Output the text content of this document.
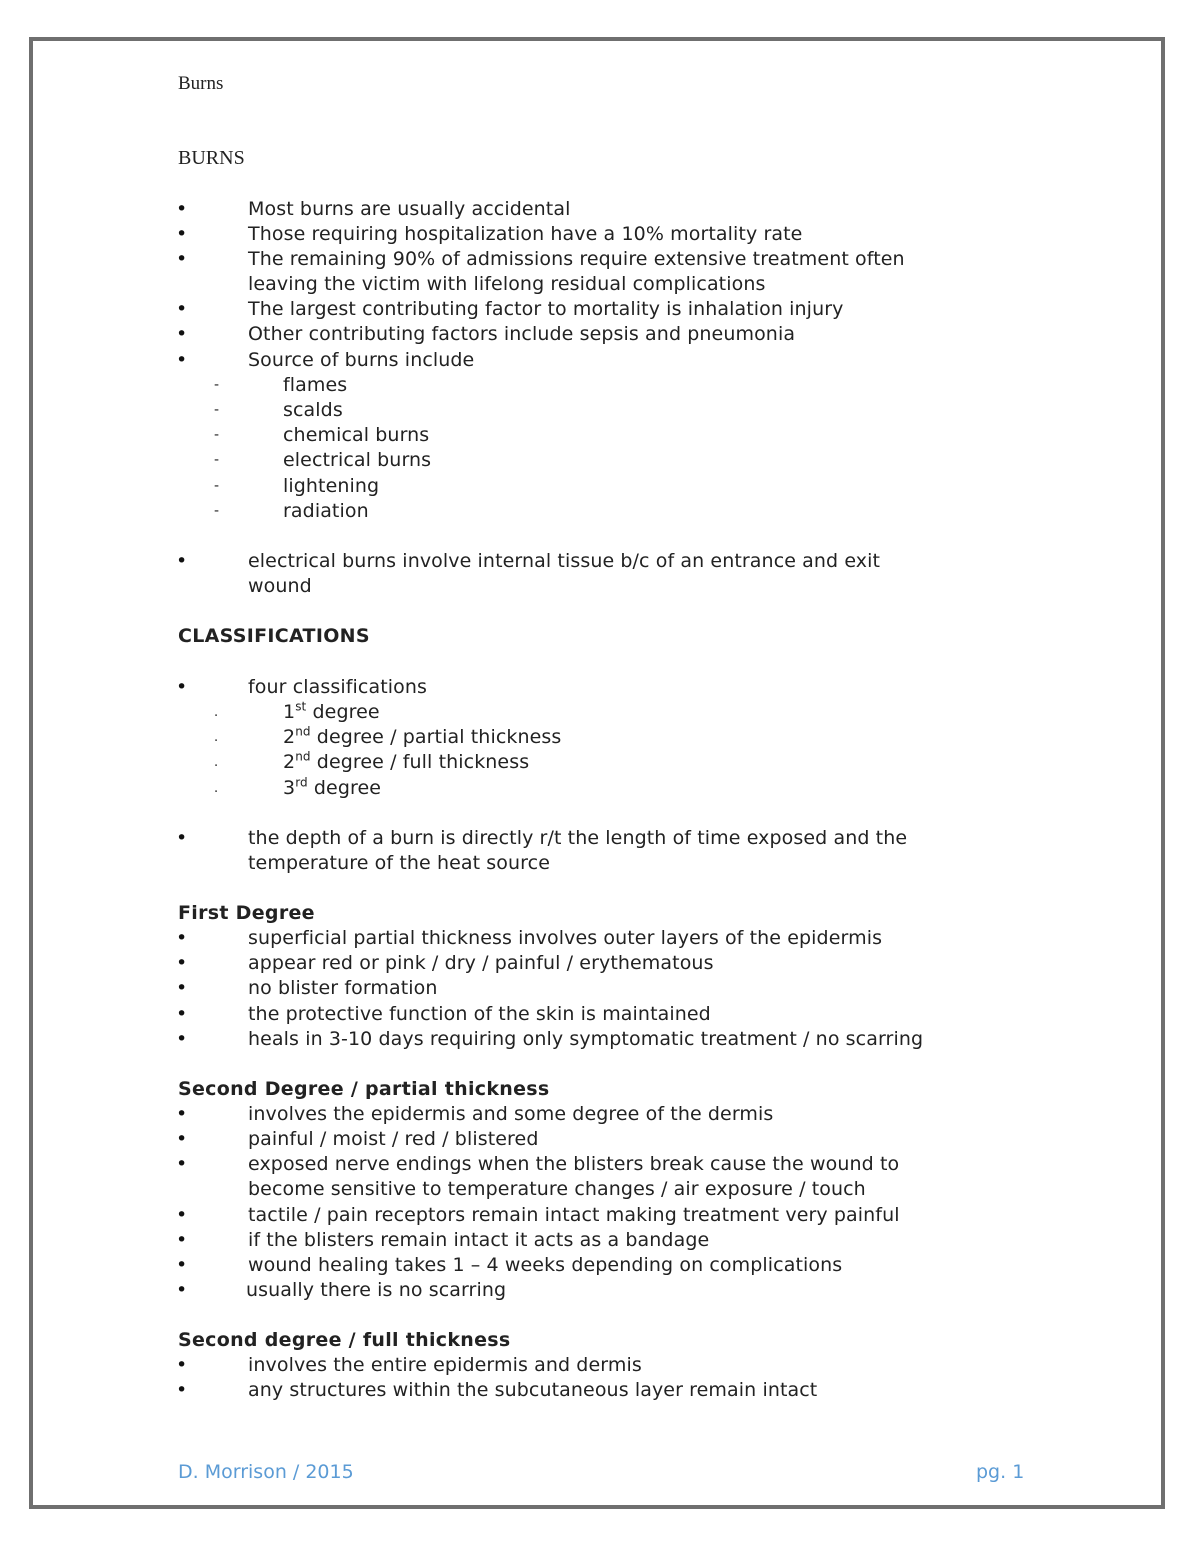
Burns
BURNS
•	Most burns are usually accidental
•	Those requiring hospitalization have a 10% mortality rate
•	The remaining 90% of admissions require extensive treatment often
leaving the victim with lifelong residual complications
•	The largest contributing factor to mortality is inhalation injury
•	Other contributing factors include sepsis and pneumonia
•	Source of burns include
-	flames
-	scalds
-	chemical burns
-	electrical burns
-	lightening
-	radiation
•	electrical burns involve internal tissue b/c of an entrance and exit
wound
CLASSIFICATIONS
•	four classifications
.	1st degree
.	2nd degree / partial thickness
.	2nd degree / full thickness
.	3rd degree
•	the depth of a burn is directly r/t the length of time exposed and the
temperature of the heat source
First Degree
•	superficial partial thickness involves outer layers of the epidermis
•	appear red or pink / dry / painful / erythematous
•	no blister formation
•	the protective function of the skin is maintained
•	heals in 3-10 days requiring only symptomatic treatment / no scarring
Second Degree / partial thickness
•	involves the epidermis and some degree of the dermis
•	painful / moist / red / blistered
•	exposed nerve endings when the blisters break cause the wound to
become sensitive to temperature changes / air exposure / touch
•	tactile / pain receptors remain intact making treatment very painful
•	if the blisters remain intact it acts as a bandage
•	wound healing takes 1 – 4 weeks depending on complications
•	usually there is no scarring
Second degree / full thickness
•	involves the entire epidermis and dermis
•	any structures within the subcutaneous layer remain intact
D. Morrison / 2015	pg. 1
